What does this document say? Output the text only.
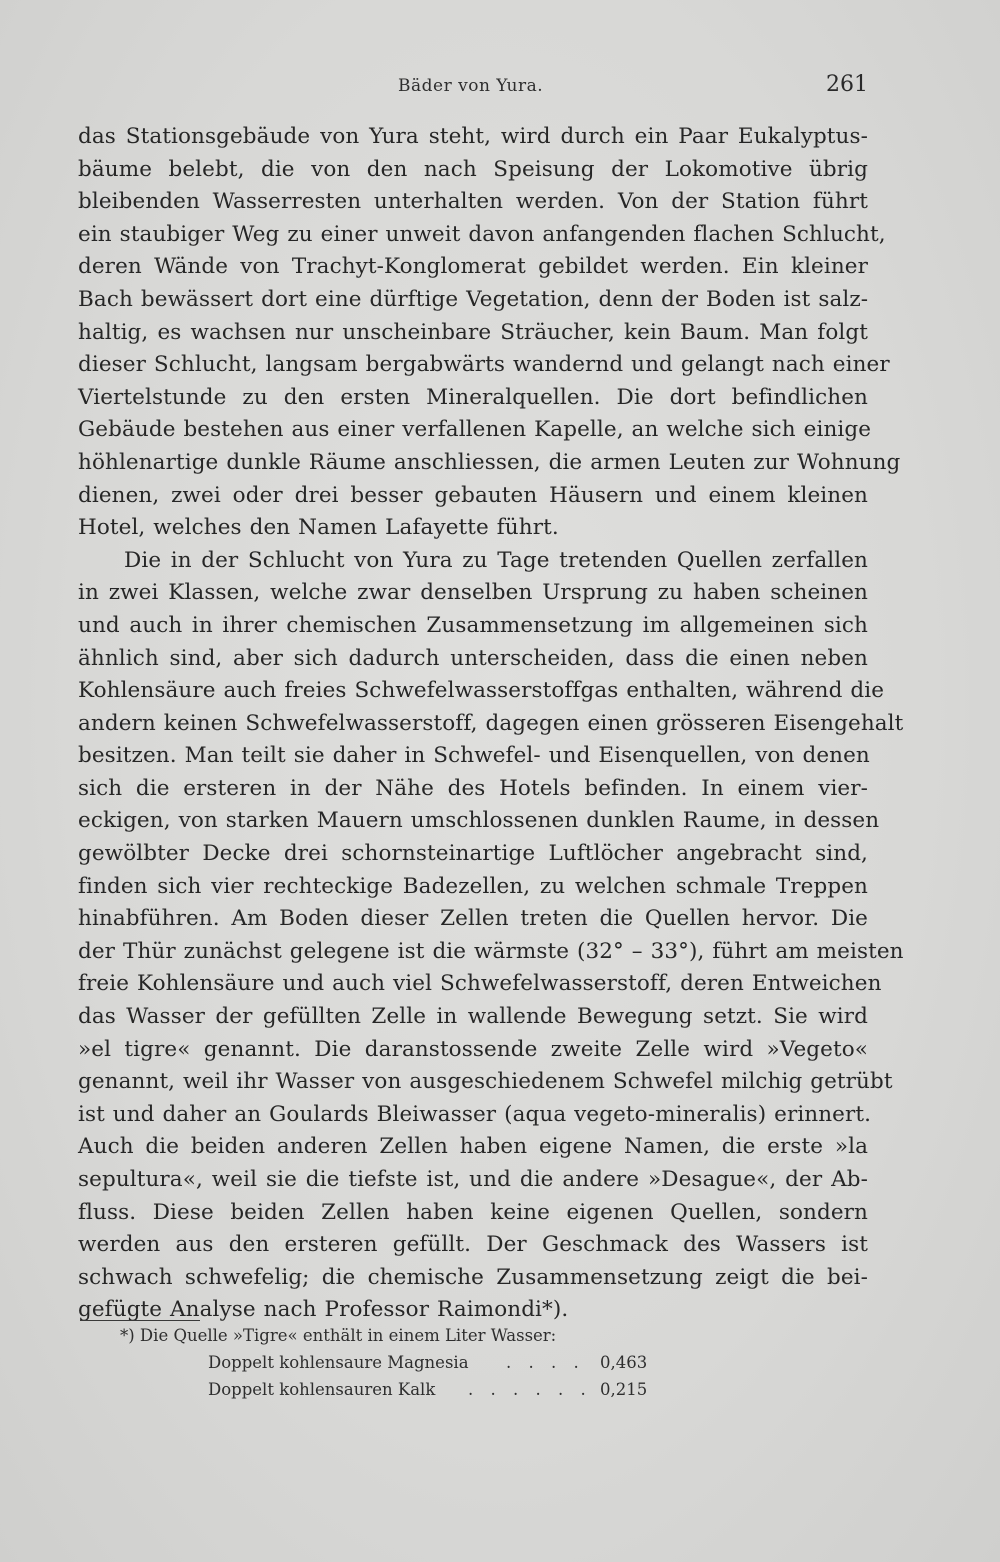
Bäder von Yura.	261
das Stationsgebäude von Yura steht, wird durch ein Paar Eukalyptus-
bäume belebt, die von den nach Speisung der Lokomotive übrig
bleibenden Wasserresten unterhalten werden. Von der Station führt
ein staubiger Weg zu einer unweit davon anfangenden flachen Schlucht,
deren Wände von Trachyt-Konglomerat gebildet werden. Ein kleiner
Bach bewässert dort eine dürftige Vegetation, denn der Boden ist salz-
haltig, es wachsen nur unscheinbare Sträucher, kein Baum. Man folgt
dieser Schlucht, langsam bergabwärts wandernd und gelangt nach einer
Viertelstunde zu den ersten Mineralquellen. Die dort befindlichen
Gebäude bestehen aus einer verfallenen Kapelle, an welche sich einige
höhlenartige dunkle Räume anschliessen, die armen Leuten zur Wohnung
dienen, zwei oder drei besser gebauten Häusern und einem kleinen
Hotel, welches den Namen Lafayette führt.
Die in der Schlucht von Yura zu Tage tretenden Quellen zerfallen
in zwei Klassen, welche zwar denselben Ursprung zu haben scheinen
und auch in ihrer chemischen Zusammensetzung im allgemeinen sich
ähnlich sind, aber sich dadurch unterscheiden, dass die einen neben
Kohlensäure auch freies Schwefelwasserstoffgas enthalten, während die
andern keinen Schwefelwasserstoff, dagegen einen grösseren Eisengehalt
besitzen. Man teilt sie daher in Schwefel- und Eisenquellen, von denen
sich die ersteren in der Nähe des Hotels befinden. In einem vier-
eckigen, von starken Mauern umschlossenen dunklen Raume, in dessen
gewölbter Decke drei schornsteinartige Luftlöcher angebracht sind,
finden sich vier rechteckige Badezellen, zu welchen schmale Treppen
hinabführen. Am Boden dieser Zellen treten die Quellen hervor. Die
der Thür zunächst gelegene ist die wärmste (32° – 33°), führt am meisten
freie Kohlensäure und auch viel Schwefelwasserstoff, deren Entweichen
das Wasser der gefüllten Zelle in wallende Bewegung setzt. Sie wird
»el tigre« genannt. Die daranstossende zweite Zelle wird »Vegeto«
genannt, weil ihr Wasser von ausgeschiedenem Schwefel milchig getrübt
ist und daher an Goulards Bleiwasser (aqua vegeto-mineralis) erinnert.
Auch die beiden anderen Zellen haben eigene Namen, die erste »la
sepultura«, weil sie die tiefste ist, und die andere »Desague«, der Ab-
fluss. Diese beiden Zellen haben keine eigenen Quellen, sondern
werden aus den ersteren gefüllt. Der Geschmack des Wassers ist
schwach schwefelig; die chemische Zusammensetzung zeigt die bei-
gefügte Analyse nach Professor Raimondi*).
*) Die Quelle »Tigre« enthält in einem Liter Wasser:
Doppelt kohlensaure Magnesia . . . . 0,463
Doppelt kohlensauren Kalk . . . . . . 0,215
